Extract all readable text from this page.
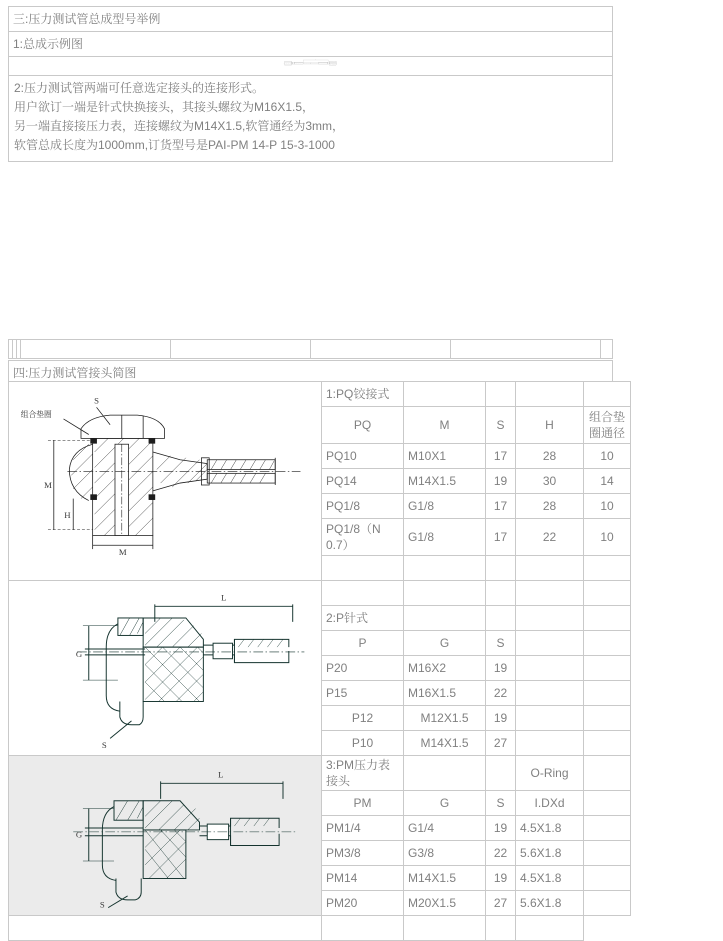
三:压力测试管总成型号举例
1:总成示例图

L

2:压力测试管两端可任意选定接头的连接形式。
用户欲订一端是针式快换接头，其接头螺纹为M16X1.5，
另一端直接接压力表，连接螺纹为M14X1.5,软管通经为3mm，
软管总成长度为1000mm,订货型号是PAI-PM 14-P 15-3-1000

四:压力测试管接头简图
S
组合垫圈
M
H
M	1:PQ铰接式				
	PQ	M	S	H	组合垫
圈通径
	PQ10	M10X1	17	28	10
	PQ14	M14X1.5	19	30	14
	PQ1/8	G1/8	17	28	10
	PQ1/8（N
0.7）	G1/8	17	22	10

L
G
S					

	2:P针式				
	P	G	S		
	P20	M16X2	19		
	P15	M16X1.5	22		
	P12	M12X1.5	19		
	P10	M14X1.5	27		

L
G
S	3:PM压力表接头			O-Ring	
	PM	G	S	I.DXd	
	PM1/4	G1/4	19	4.5X1.8	
	PM3/8	G3/8	22	5.6X1.8	
	PM14	M14X1.5	19	4.5X1.8	
	PM20	M20X1.5	27	5.6X1.8	
